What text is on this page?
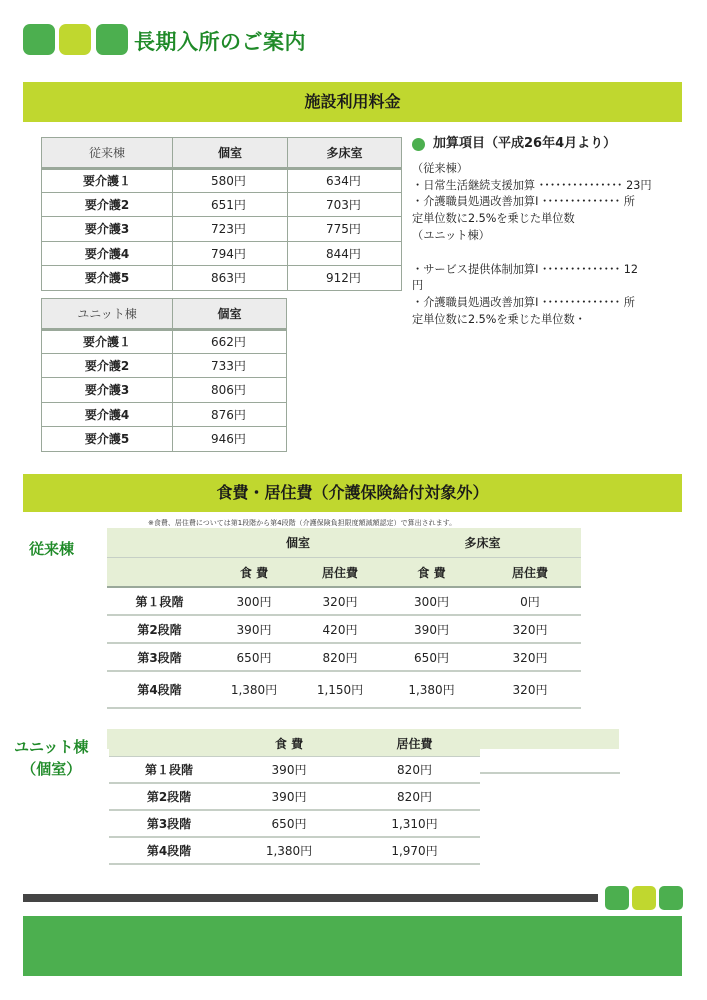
長期入所のご案内
施設利用料金
従来棟	個室	多床室
要介護１	580円	634円
要介護2	651円	703円
要介護3	723円	775円
要介護4	794円	844円
要介護5	863円	912円
ユニット棟	個室
要介護１	662円
要介護2	733円
要介護3	806円
要介護4	876円
要介護5	946円
加算項目（平成26年4月より）
（従来棟）
・日常生活継続支援加算 ･･･････････････ 23円
・介護職員処遇改善加算Ⅰ ･･････････････ 所
定単位数に2.5%を乗じた単位数
（ユニット棟）
・サービス提供体制加算Ⅰ ･･････････････ 12
円
・介護職員処遇改善加算Ⅰ ･･････････････ 所
定単位数に2.5%を乗じた単位数・
食費・居住費（介護保険給付対象外）
※食費、居住費については第1段階から第4段階（介護保険負担限度額減額認定）で算出されます。
従来棟
		個室		多床室	
	食 費	居住費	食 費	居住費
第１段階	300円	320円	300円	0円
第2段階	390円	420円	390円	320円
第3段階	650円	820円	650円	320円
第4段階	1,380円	1,150円	1,380円	320円
ユニット棟
（個室）
	食 費	居住費
第１段階	390円	820円
第2段階	390円	820円
第3段階	650円	1,310円
第4段階	1,380円	1,970円
